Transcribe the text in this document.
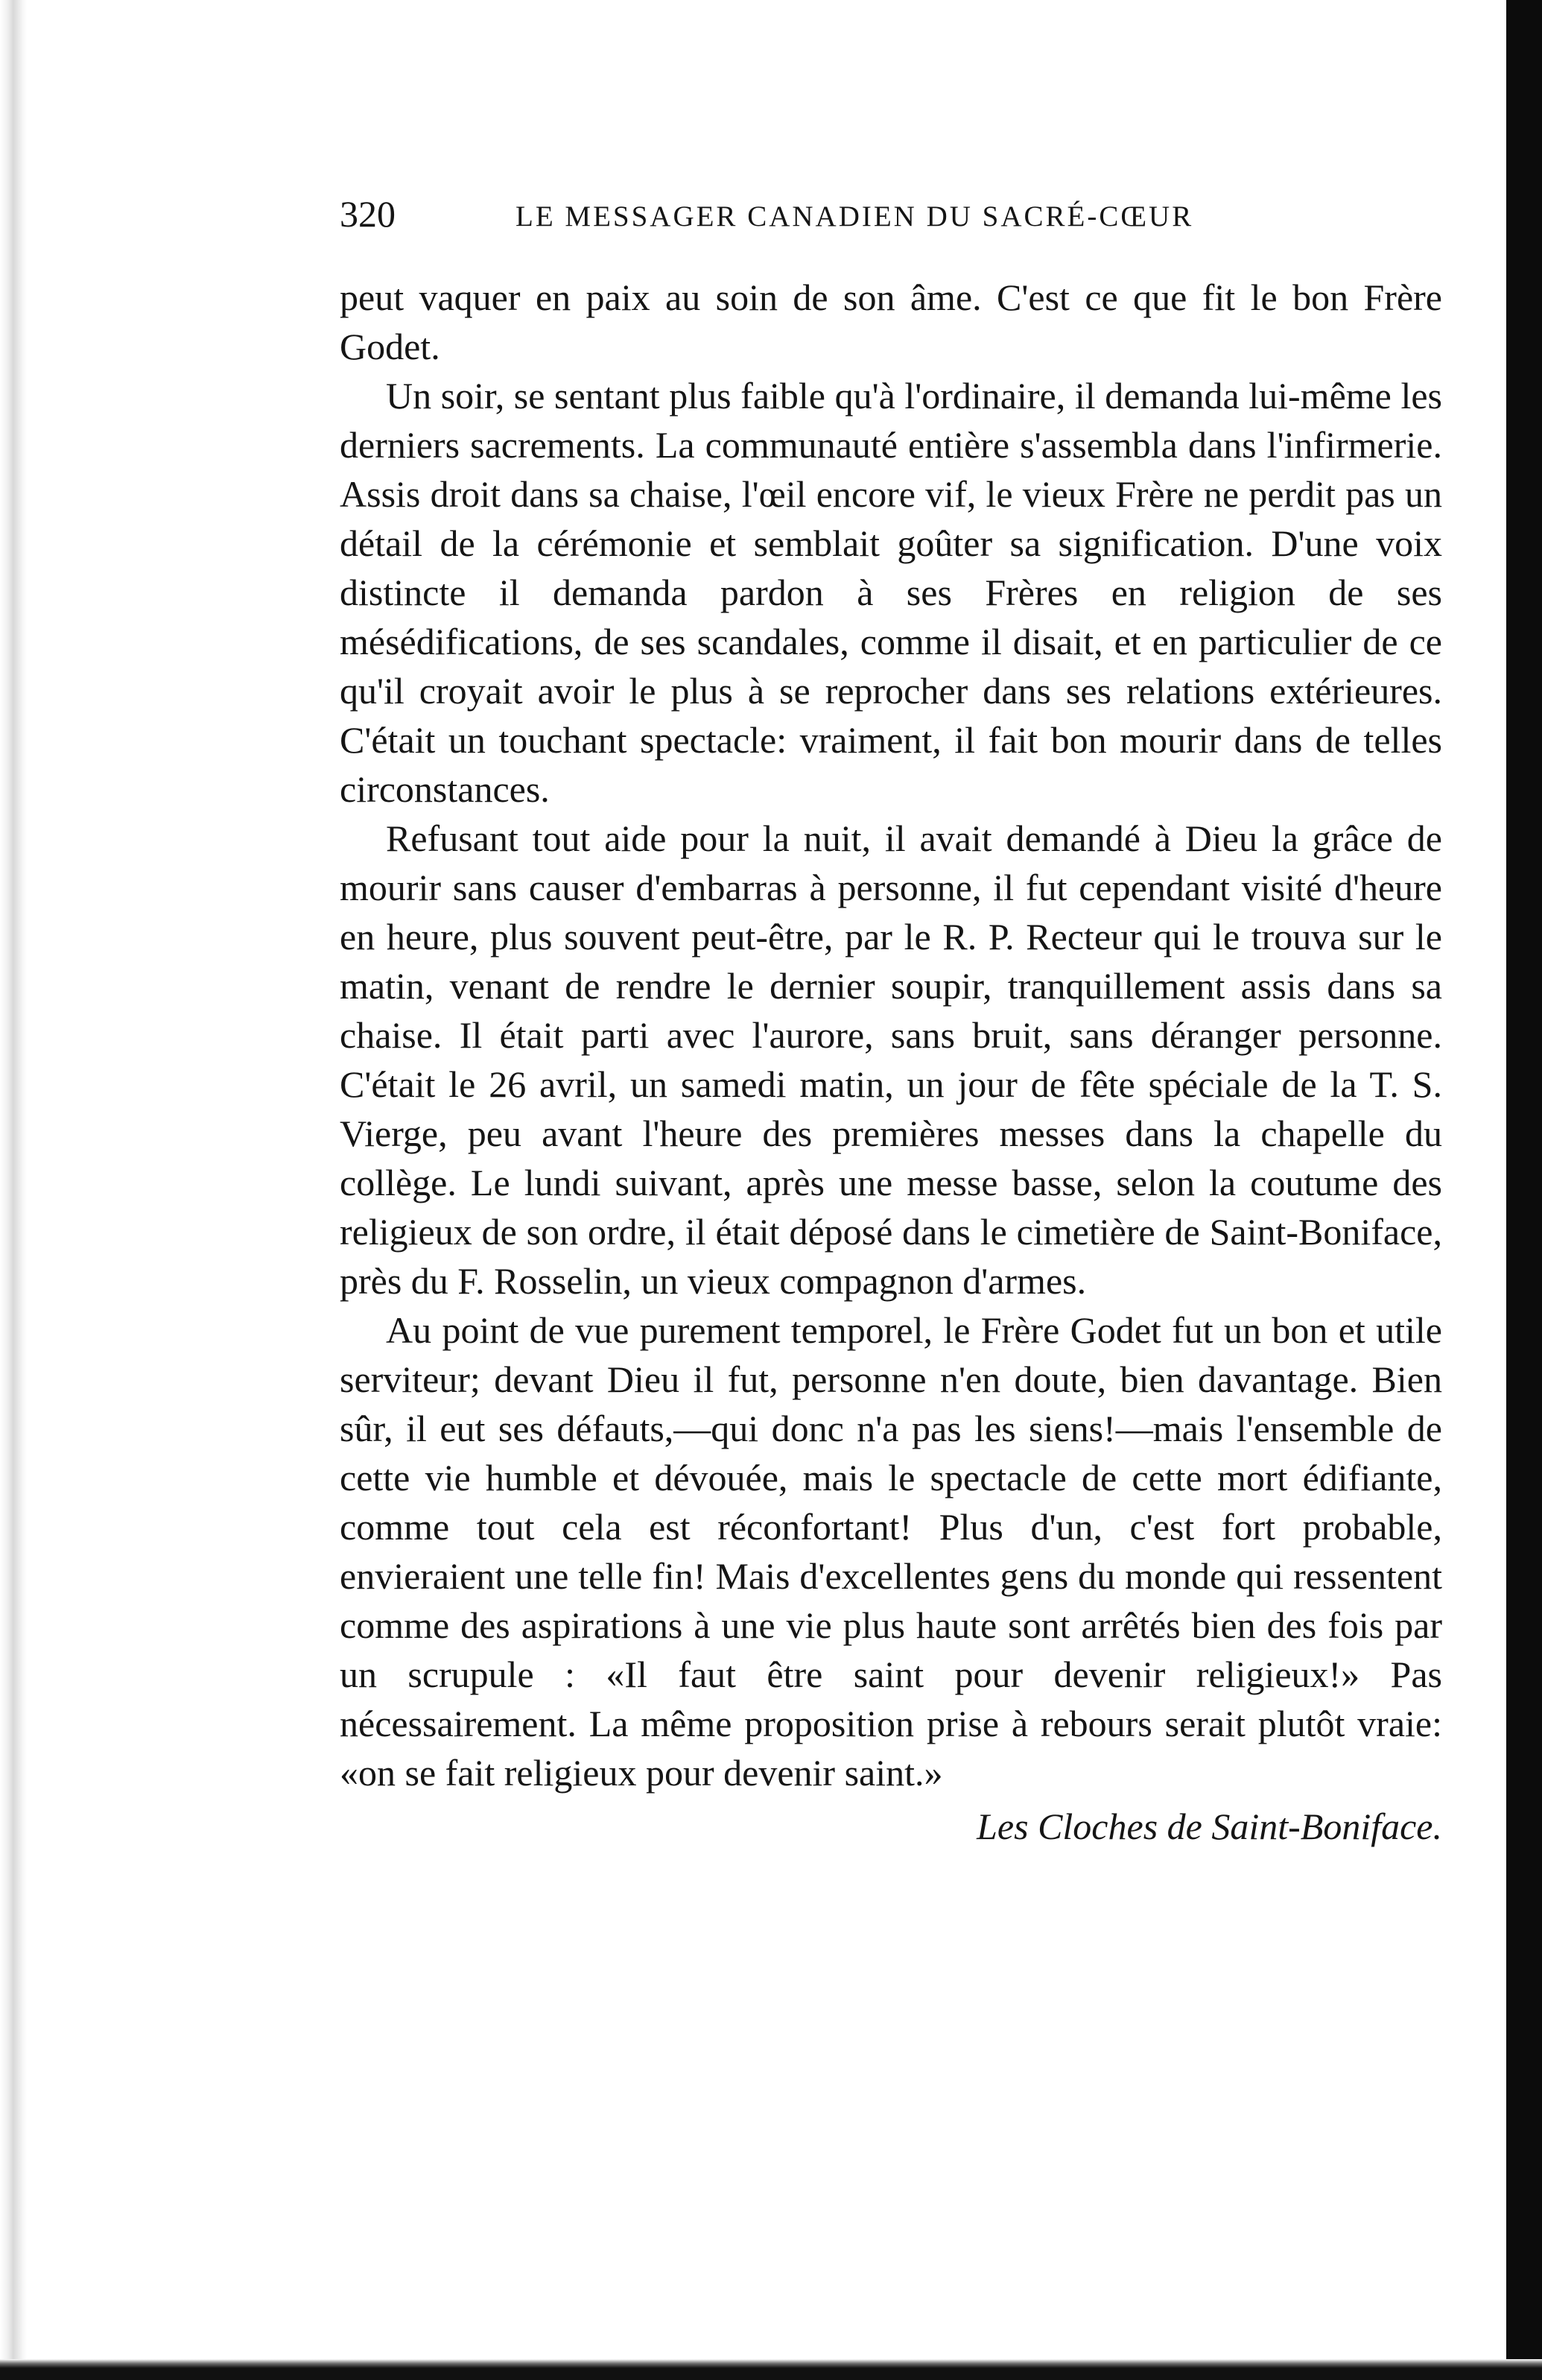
320	LE MESSAGER CANADIEN DU SACRÉ-CŒUR

peut vaquer en paix au soin de son âme. C'est ce que fit le bon Frère Godet.

Un soir, se sentant plus faible qu'à l'ordinaire, il demanda lui-même les derniers sacrements. La communauté entière s'assembla dans l'infirmerie. Assis droit dans sa chaise, l'œil encore vif, le vieux Frère ne perdit pas un détail de la cérémonie et semblait goûter sa signification. D'une voix distincte il demanda pardon à ses Frères en religion de ses mésédifications, de ses scandales, comme il disait, et en particulier de ce qu'il croyait avoir le plus à se reprocher dans ses relations extérieures. C'était un touchant spectacle: vraiment, il fait bon mourir dans de telles circonstances.

Refusant tout aide pour la nuit, il avait demandé à Dieu la grâce de mourir sans causer d'embarras à personne, il fut cependant visité d'heure en heure, plus souvent peut-être, par le R. P. Recteur qui le trouva sur le matin, venant de rendre le dernier soupir, tranquillement assis dans sa chaise. Il était parti avec l'aurore, sans bruit, sans déranger personne. C'était le 26 avril, un samedi matin, un jour de fête spéciale de la T. S. Vierge, peu avant l'heure des premières messes dans la chapelle du collège. Le lundi suivant, après une messe basse, selon la coutume des religieux de son ordre, il était déposé dans le cimetière de Saint-Boniface, près du F. Rosselin, un vieux compagnon d'armes.

Au point de vue purement temporel, le Frère Godet fut un bon et utile serviteur; devant Dieu il fut, personne n'en doute, bien davantage. Bien sûr, il eut ses défauts,—qui donc n'a pas les siens!—mais l'ensemble de cette vie humble et dévouée, mais le spectacle de cette mort édifiante, comme tout cela est réconfortant! Plus d'un, c'est fort probable, envieraient une telle fin! Mais d'excellentes gens du monde qui ressentent comme des aspirations à une vie plus haute sont arrêtés bien des fois par un scrupule : «Il faut être saint pour devenir religieux!» Pas nécessairement. La même proposition prise à rebours serait plutôt vraie: «on se fait religieux pour devenir saint.»

Les Cloches de Saint-Boniface.
